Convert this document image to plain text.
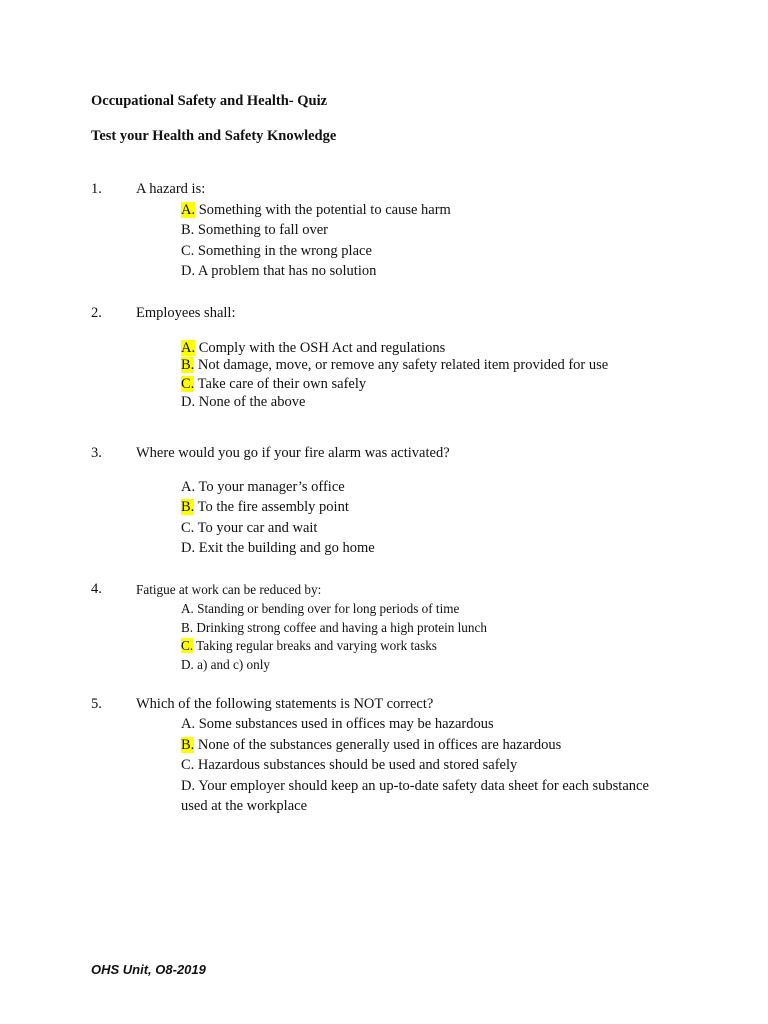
Occupational Safety and Health- Quiz
Test your Health and Safety Knowledge
1. A hazard is:
A. Something with the potential to cause harm
B. Something to fall over
C. Something in the wrong place
D. A problem that has no solution
2. Employees shall:
A. Comply with the OSH Act and regulations
B. Not damage, move, or remove any safety related item provided for use
C. Take care of their own safely
D. None of the above
3. Where would you go if your fire alarm was activated?
A. To your manager’s office
B. To the fire assembly point
C. To your car and wait
D. Exit the building and go home
4.	Fatigue at work can be reduced by:
A. Standing or bending over for long periods of time
B. Drinking strong coffee and having a high protein lunch
C. Taking regular breaks and varying work tasks
D. a) and c) only
5. Which of the following statements is NOT correct?
A. Some substances used in offices may be hazardous
B. None of the substances generally used in offices are hazardous
C. Hazardous substances should be used and stored safely
D. Your employer should keep an up-to-date safety data sheet for each substance
used at the workplace
OHS Unit, O8-2019
